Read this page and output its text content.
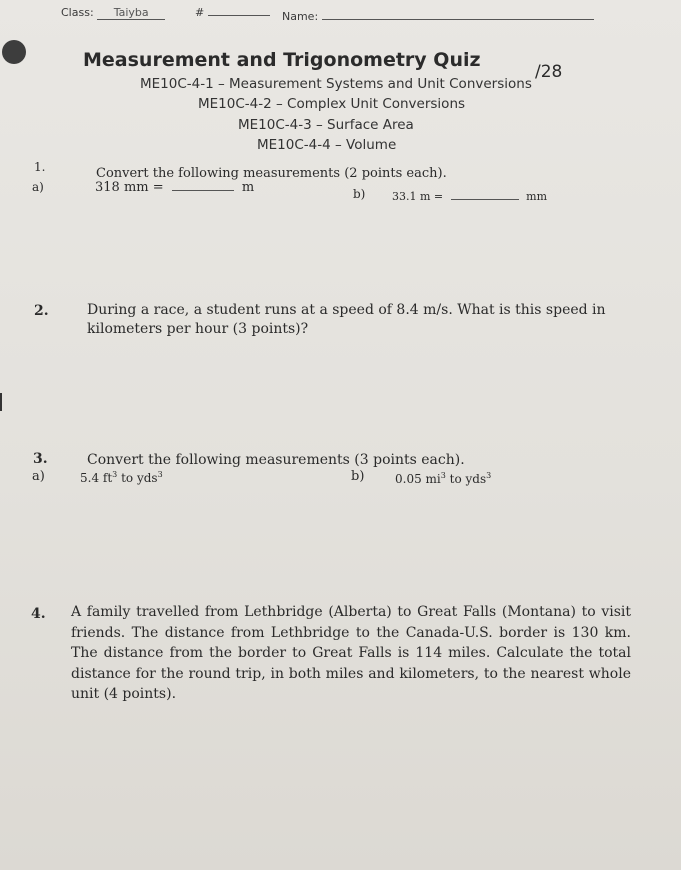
Class: Taiyba	#	Name:
Measurement and Trigonometry Quiz
/28
ME10C-4-1 – Measurement Systems and Unit Conversions
ME10C-4-2 – Complex Unit Conversions
ME10C-4-3 – Surface Area
ME10C-4-4 – Volume
1.	Convert the following measurements (2 points each).
a)	318 mm =	m	b) 33.1 m =	mm
2.	During a race, a student runs at a speed of 8.4 m/s. What is this speed in kilometers per hour (3 points)?
3.	Convert the following measurements (3 points each).
a)	5.4 $ft^3$ to yds$^3$	b)	0.05 $mi^3$ to yds$^3$
4. A family travelled from Lethbridge (Alberta) to Great Falls (Montana) to visit friends. The distance from Lethbridge to the Canada-U.S. border is 130 km. The distance from the border to Great Falls is 114 miles. Calculate the total distance for the round trip, in both miles and kilometers, to the nearest whole unit (4 points).
